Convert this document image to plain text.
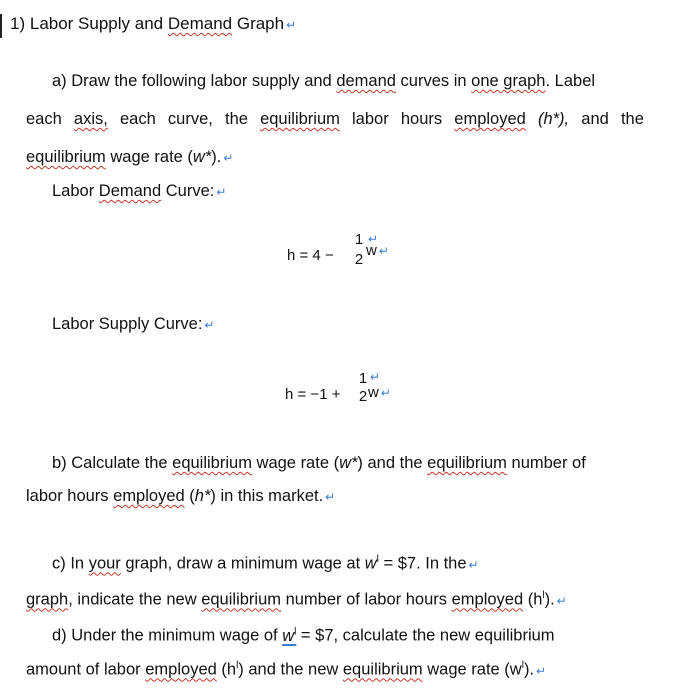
1) Labor Supply and Demand Graph ↵
a) Draw the following labor supply and demand curves in one graph. Label
each axis, each curve, the equilibrium labor hours employed (h*), and the
equilibrium wage rate (w*). ↵
Labor Demand Curve: ↵
h = 4 −
1
2
w ↵
↵
Labor Supply Curve: ↵
h = −1 +
1
2 w ↵
↵
b) Calculate the equilibrium wage rate (w*) and the equilibrium number of
labor hours employed (h*) in this market. ↵
c) In your graph, draw a minimum wage at $w^l$ = $7. In the ↵
graph, indicate the new equilibrium number of labor hours employed $(h^l)$. ↵
d) Under the minimum wage of $w^l$ = $7, calculate the new equilibrium
amount of labor employed $(h^l)$ and the new equilibrium wage rate $(w^l)$. ↵
